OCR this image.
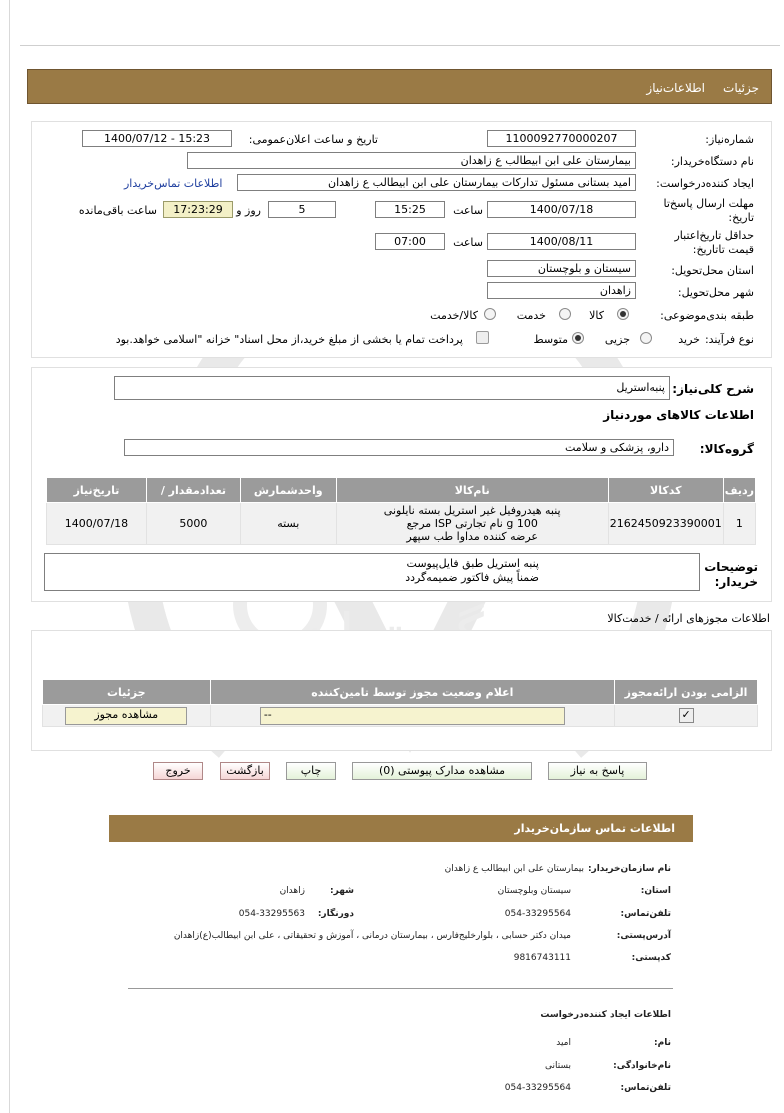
جزئیات
اطلاعات‌نیاز
شماره‌نیاز:
1100092770000207
تاریخ و ساعت اعلان‌عمومی:
1400/07/12 - 15:23
نام دستگاه‌خریدار:
بیمارستان علی ابن ابیطالب ع زاهدان
ایجاد کننده‌درخواست:
امید بستانی مسئول تدارکات بیمارستان علی ابن ابیطالب ع زاهدان
اطلاعات تماس‌خریدار
مهلت ارسال پاسخ‌تا تاریخ:
1400/07/18
ساعت
15:25
5
روز و
17:23:29
ساعت باقی‌مانده
حداقل تاریخ‌اعتبار قیمت تا‌تاریخ:
1400/08/11
ساعت
07:00
استان محل‌تحویل:
سیستان و بلوچستان
شهر محل‌تحویل:
زاهدان
طبقه بندی‌موضوعی:
کالا
خدمت
کالا/خدمت
نوع فرآیند:
خرید
جزیی
متوسط
پرداخت تمام یا بخشی از مبلغ خرید،از محل اسناد" خزانه "اسلامی خواهد.بود
شرح کلی‌نیاز:
پنبه‌استریل
اطلاعات کالاهای موردنیاز
گروه‌کالا:
دارو، پزشکی و سلامت
ردیف	کدکالا	نام‌کالا	واحدشمارش	تعدادمقدار /	تاریخ‌نیاز
1	2162450923390001	پنبه هیدروفیل غیر استریل بسته نایلونی
100 g نام تجارتی ISP مرجع
عرضه کننده مداوا طب سپهر	بسته	5000	1400/07/18
توضیحات خریدار:
پنبه استریل طبق فایل‌پیوست
ضمناً پیش فاکتور ضمیمه‌گردد
اطلاعات مجوزهای ارائه / خدمت‌کالا
الزامی بودن ارائه‌مجوز	اعلام وضعیت مجوز توسط تامین‌کننده	جزئیات
✓	--	مشاهده مجوز
پاسخ به نیاز
مشاهده مدارک پیوستی (0)
چاپ
بازگشت
خروج
اطلاعات تماس سازمان‌خریدار
نام سازمان‌خریدار:
بیمارستان علی ابن ابیطالب ع زاهدان
استان:
سیستان وبلوچستان
شهر:
زاهدان
تلفن‌تماس:
054-33295564
دورنگار:
054-33295563
آدرس‌پستی:
میدان دکتر حسابی ، بلوارخلیج‌فارس ، بیمارستان درمانی ، آموزش و تحقیقاتی ، علی ابن ابیطالب(ع)زاهدان
کدپستی:
9816743111
اطلاعات ایجاد کننده‌درخواست
نام:
امید
نام‌خانوادگی:
بستانی
تلفن‌تماس:
054-33295564
